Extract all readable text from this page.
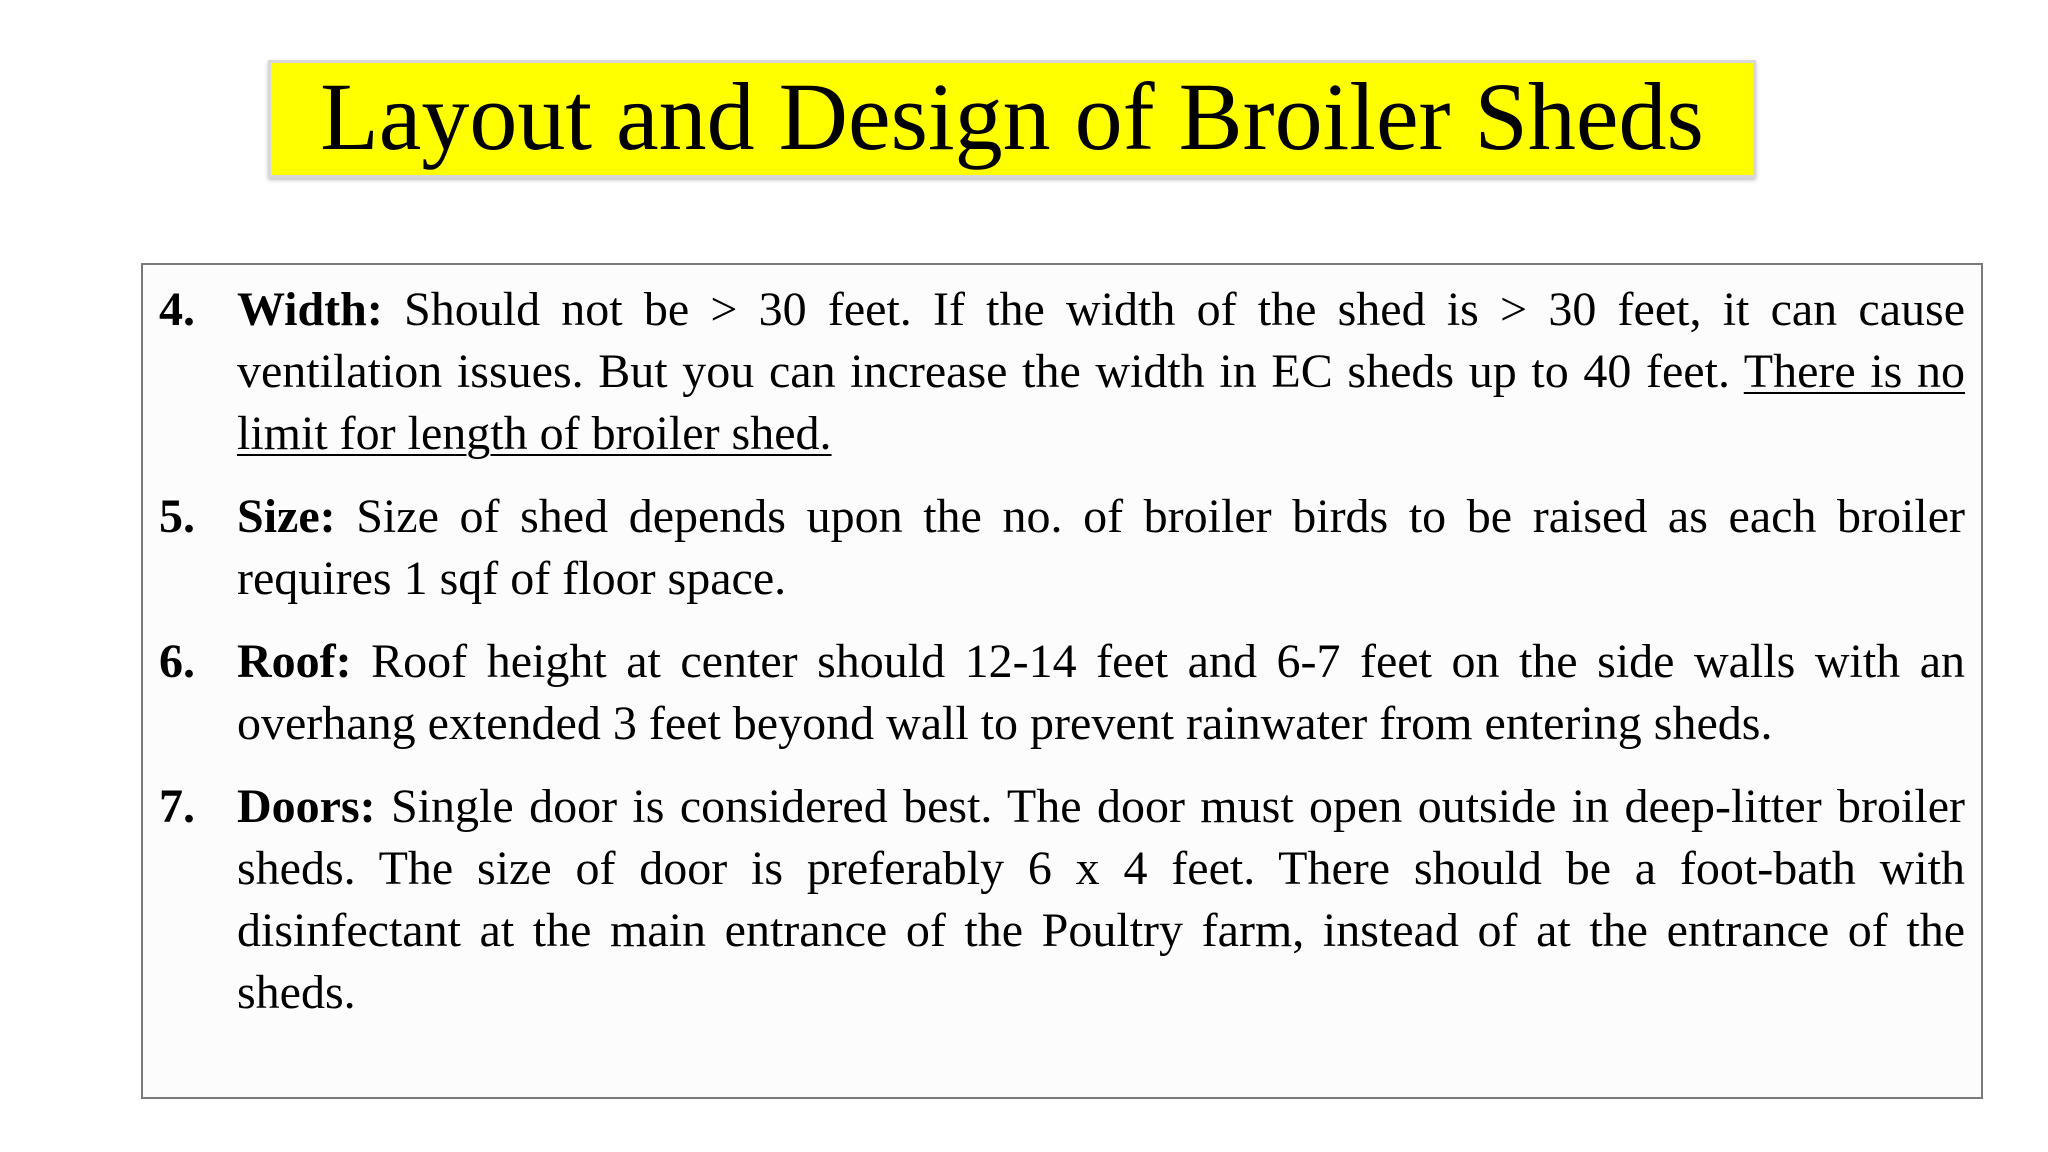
Layout and Design of Broiler Sheds
4. Width: Should not be > 30 feet. If the width of the shed is > 30 feet, it can cause ventilation issues. But you can increase the width in EC sheds up to 40 feet. There is no limit for length of broiler shed.
5. Size: Size of shed depends upon the no. of broiler birds to be raised as each broiler requires 1 sqf of floor space.
6. Roof: Roof height at center should 12-14 feet and 6-7 feet on the side walls with an overhang extended 3 feet beyond wall to prevent rainwater from entering sheds.
7. Doors: Single door is considered best. The door must open outside in deep-litter broiler sheds. The size of door is preferably 6 x 4 feet. There should be a foot-bath with disinfectant at the main entrance of the Poultry farm, instead of at the entrance of the sheds.
